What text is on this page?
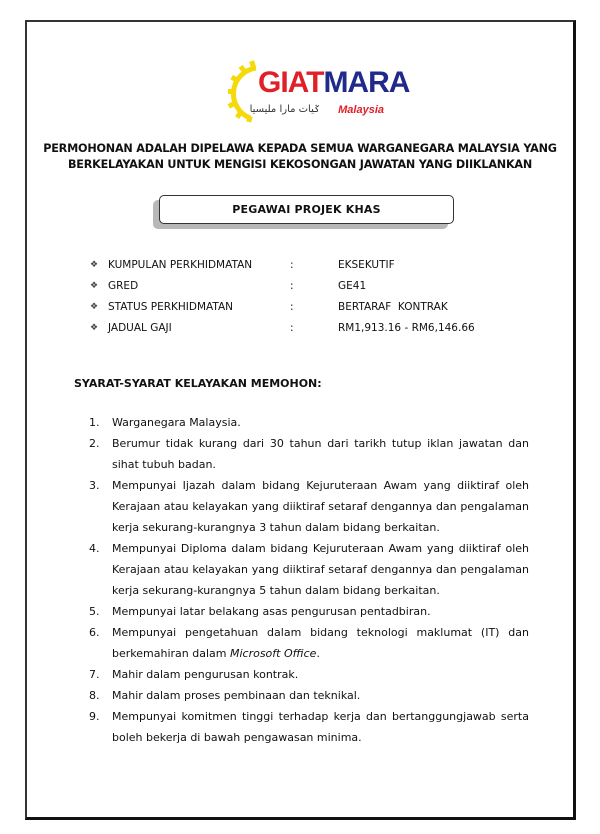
GIATMARA
ݢيات مارا مليسيا Malaysia
PERMOHONAN ADALAH DIPELAWA KEPADA SEMUA WARGANEGARA MALAYSIA YANG
BERKELAYAKAN UNTUK MENGISI KEKOSONGAN JAWATAN YANG DIIKLANKAN
PEGAWAI PROJEK KHAS
❖ KUMPULAN PERKHIDMATAN	:	EKSEKUTIF
❖ GRED	:	GE41
❖ STATUS PERKHIDMATAN	:	BERTARAF  KONTRAK
❖ JADUAL GAJI	:	RM1,913.16 - RM6,146.66
SYARAT-SYARAT KELAYAKAN MEMOHON:
1.	Warganegara Malaysia.
2.	Berumur tidak kurang dari 30 tahun dari tarikh tutup iklan jawatan dan sihat tubuh badan.
3.	Mempunyai Ijazah dalam bidang Kejuruteraan Awam yang diiktiraf oleh Kerajaan atau kelayakan yang diiktiraf setaraf dengannya dan pengalaman kerja sekurang-kurangnya 3 tahun dalam bidang berkaitan.
4.	Mempunyai Diploma dalam bidang Kejuruteraan Awam yang diiktiraf oleh Kerajaan atau kelayakan yang diiktiraf setaraf dengannya dan pengalaman kerja sekurang-kurangnya 5 tahun dalam bidang berkaitan.
5.	Mempunyai latar belakang asas pengurusan pentadbiran.
6.	Mempunyai pengetahuan dalam bidang teknologi maklumat (IT) dan berkemahiran dalam Microsoft Office.
7.	Mahir dalam pengurusan kontrak.
8.	Mahir dalam proses pembinaan dan teknikal.
9.	Mempunyai komitmen tinggi terhadap kerja dan bertanggungjawab serta boleh bekerja di bawah pengawasan minima.
